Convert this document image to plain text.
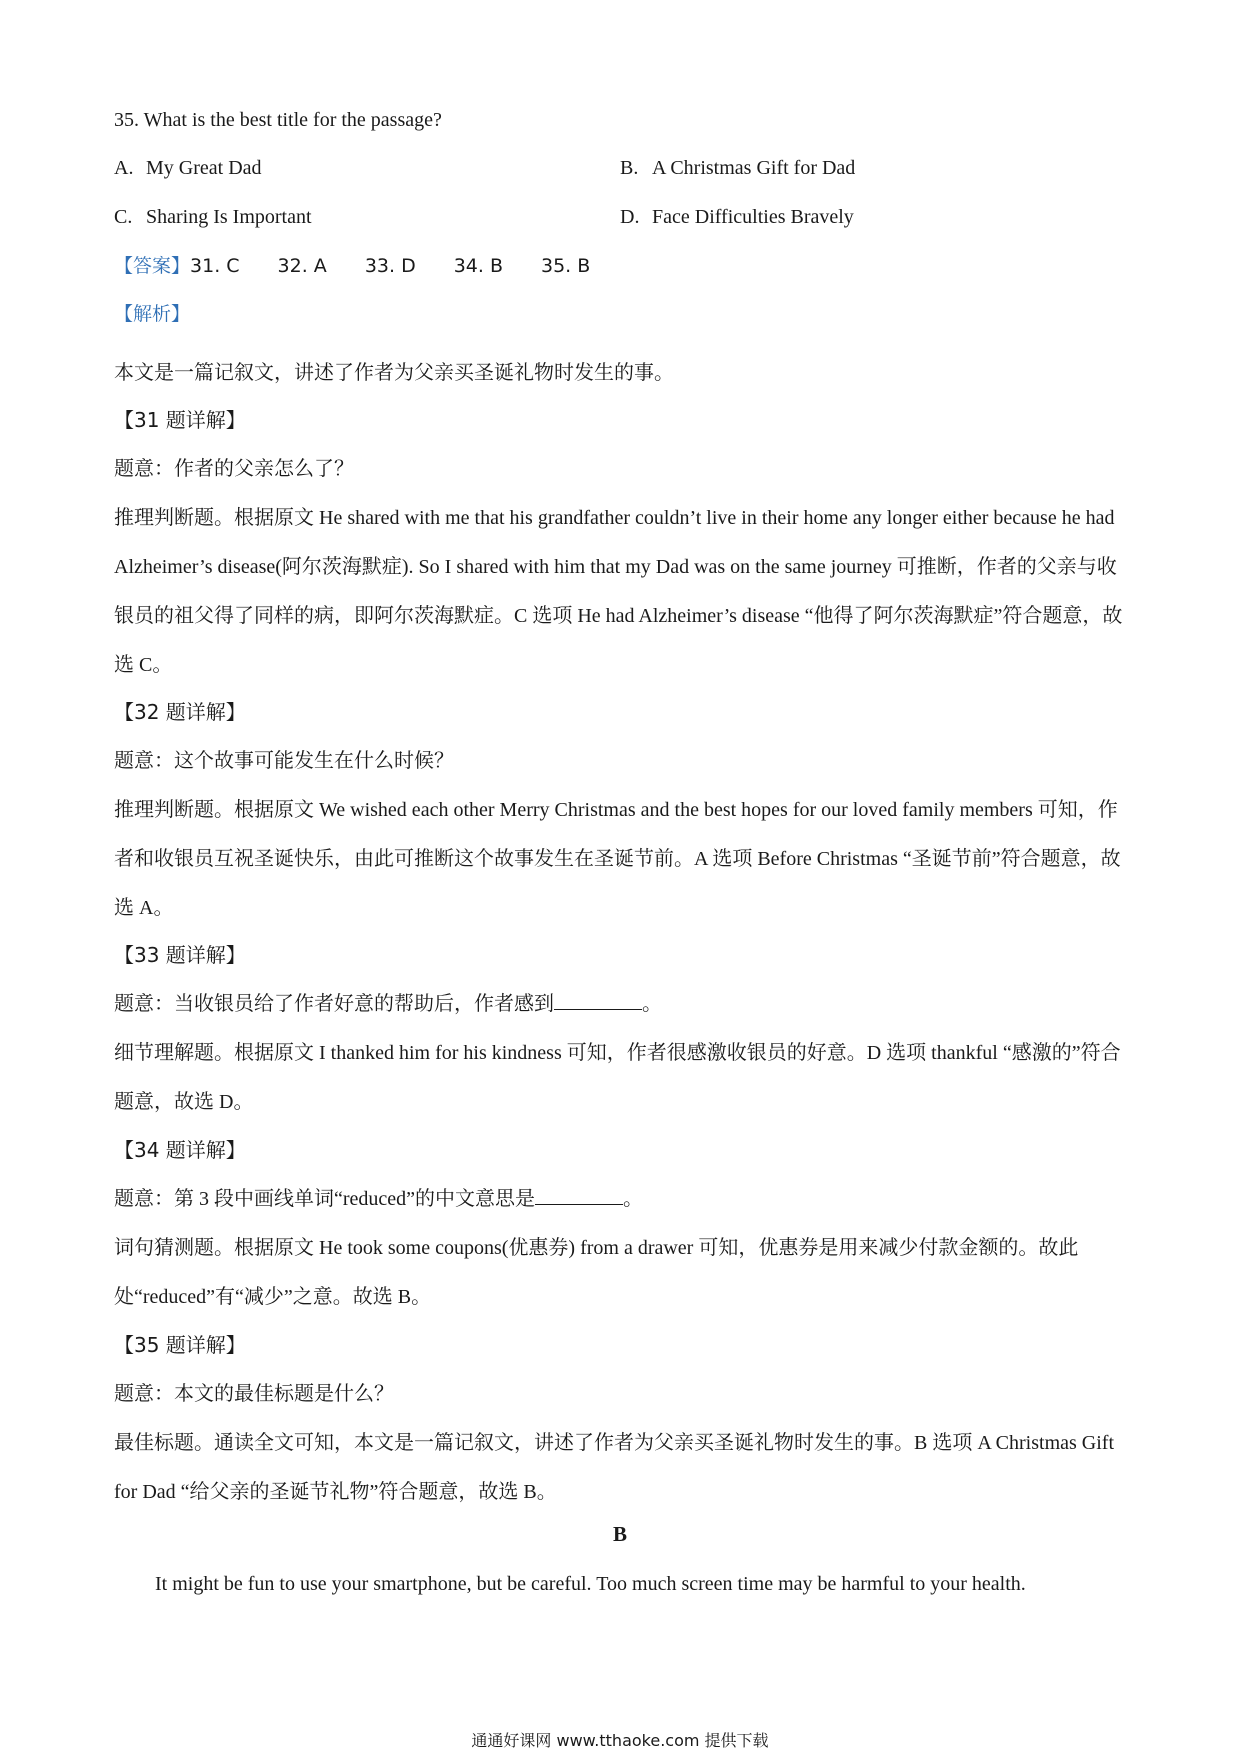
35. What is the best title for the passage?
A. My Great Dad	B. A Christmas Gift for Dad
C. Sharing Is Important	D. Face Difficulties Bravely
【答案】31. C 32. A 33. D 34. B 35. B
【解析】
本文是一篇记叙文，讲述了作者为父亲买圣诞礼物时发生的事。
【31 题详解】
题意：作者的父亲怎么了？
推理判断题。根据原文 He shared with me that his grandfather couldn’t live in their home any longer either because he had Alzheimer’s disease(阿尔茨海默症). So I shared with him that my Dad was on the same journey 可推断，作者的父亲与收银员的祖父得了同样的病，即阿尔茨海默症。C 选项 He had Alzheimer’s disease “他得了阿尔茨海默症”符合题意，故选 C。
【32 题详解】
题意：这个故事可能发生在什么时候？
推理判断题。根据原文 We wished each other Merry Christmas and the best hopes for our loved family members 可知，作者和收银员互祝圣诞快乐，由此可推断这个故事发生在圣诞节前。A 选项 Before Christmas “圣诞节前”符合题意，故选 A。
【33 题详解】
题意：当收银员给了作者好意的帮助后，作者感到	。
细节理解题。根据原文 I thanked him for his kindness 可知，作者很感激收银员的好意。D 选项 thankful “感激的”符合题意，故选 D。
【34 题详解】
题意：第 3 段中画线单词“reduced”的中文意思是	。
词句猜测题。根据原文 He took some coupons(优惠券) from a drawer 可知，优惠券是用来减少付款金额的。故此处“reduced”有“减少”之意。故选 B。
【35 题详解】
题意：本文的最佳标题是什么？
最佳标题。通读全文可知，本文是一篇记叙文，讲述了作者为父亲买圣诞礼物时发生的事。B 选项 A Christmas Gift for Dad “给父亲的圣诞节礼物”符合题意，故选 B。
B
It might be fun to use your smartphone, but be careful. Too much screen time may be harmful to your health.
通通好课网 www.tthaoke.com 提供下载
